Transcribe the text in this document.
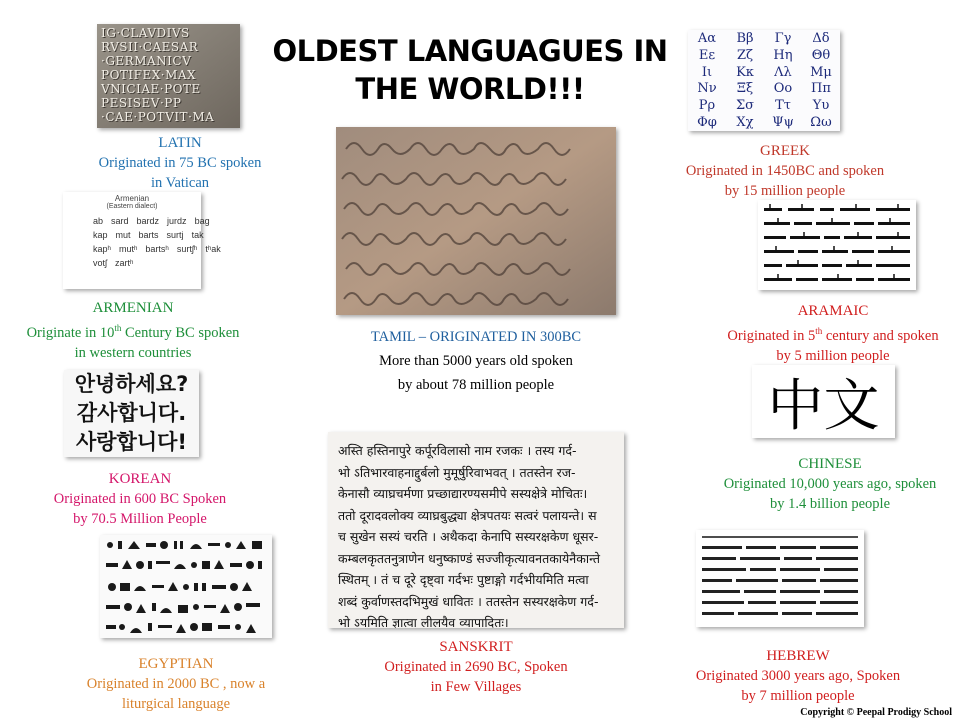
OLDEST LANGUAGUES IN
THE WORLD!!!
IG·CLAVDIVS
RVSII·CAESAR
·GERMANICV
POTIFEX·MAX
VNICIAE·POTE
PESISEV·PP
·CAE·POTVIT·MA
LATIN
Originated in 75 BC spoken
in Vatican
Αα Ββ Γγ Δδ
Εε Ζζ Ηη Θθ
Ιι Κκ Λλ Μμ
Νν Ξξ Οο Ππ
Ρρ Σσ Ττ Υυ
Φφ Χχ Ψψ Ωω
GREEK
Originated in 1450BC and spoken
by 15 million people
TAMIL – ORIGINATED IN 300BC
More than 5000 years old spoken
by about 78 million people
Armenian
(Eastern dialect)
ab sard bardz jurdz bag
kap mut barts surtj tak
kapʰ mutʰ bartsʰ surtʃʰ tʰak
votʃ zartʰ
ARMENIAN
Originate in 10th Century BC spoken
in western countries
ARAMAIC
Originated in 5th century and spoken
by 5 million people
안녕하세요?
감사합니다.
사랑합니다!
KOREAN
Originated in 600 BC Spoken
by 70.5 Million People
中文
CHINESE
Originated 10,000 years ago, spoken
by 1.4 billion people
अस्ति हस्तिनापुरे कर्पूरविलासो नाम रजकः । तस्य गर्द-
भो ऽतिभारवाहनाद्दुर्बलो मुमूर्षुरिवाभवत् । ततस्तेन रज-
केनासौ व्याघ्रचर्मणा प्रच्छाद्यारण्यसमीपे सस्यक्षेत्रे मोचितः।
ततो दूरादवलोक्य व्याघ्रबुद्ध्या क्षेत्रपतयः सत्वरं पलायन्ते। स
च सुखेन सस्यं चरति । अथैकदा केनापि सस्यरक्षकेण धूसर-
कम्बलकृततनुत्राणेन धनुष्काण्डं सज्जीकृत्यावनतकायेनैकान्ते
स्थितम् । तं च दूरे दृष्ट्वा गर्दभः पुष्टाङ्गो गर्दभीयमिति मत्वा
शब्दं कुर्वाणस्तदभिमुखं धावितः । ततस्तेन सस्यरक्षकेण गर्द-
भो ऽयमिति ज्ञात्वा लीलयैव व्यापादितः।
SANSKRIT
Originated in 2690 BC, Spoken
in Few Villages
EGYPTIAN
Originated in 2000 BC , now a
liturgical language
HEBREW
Originated 3000 years ago, Spoken
by 7 million people
Copyright © Peepal Prodigy School
